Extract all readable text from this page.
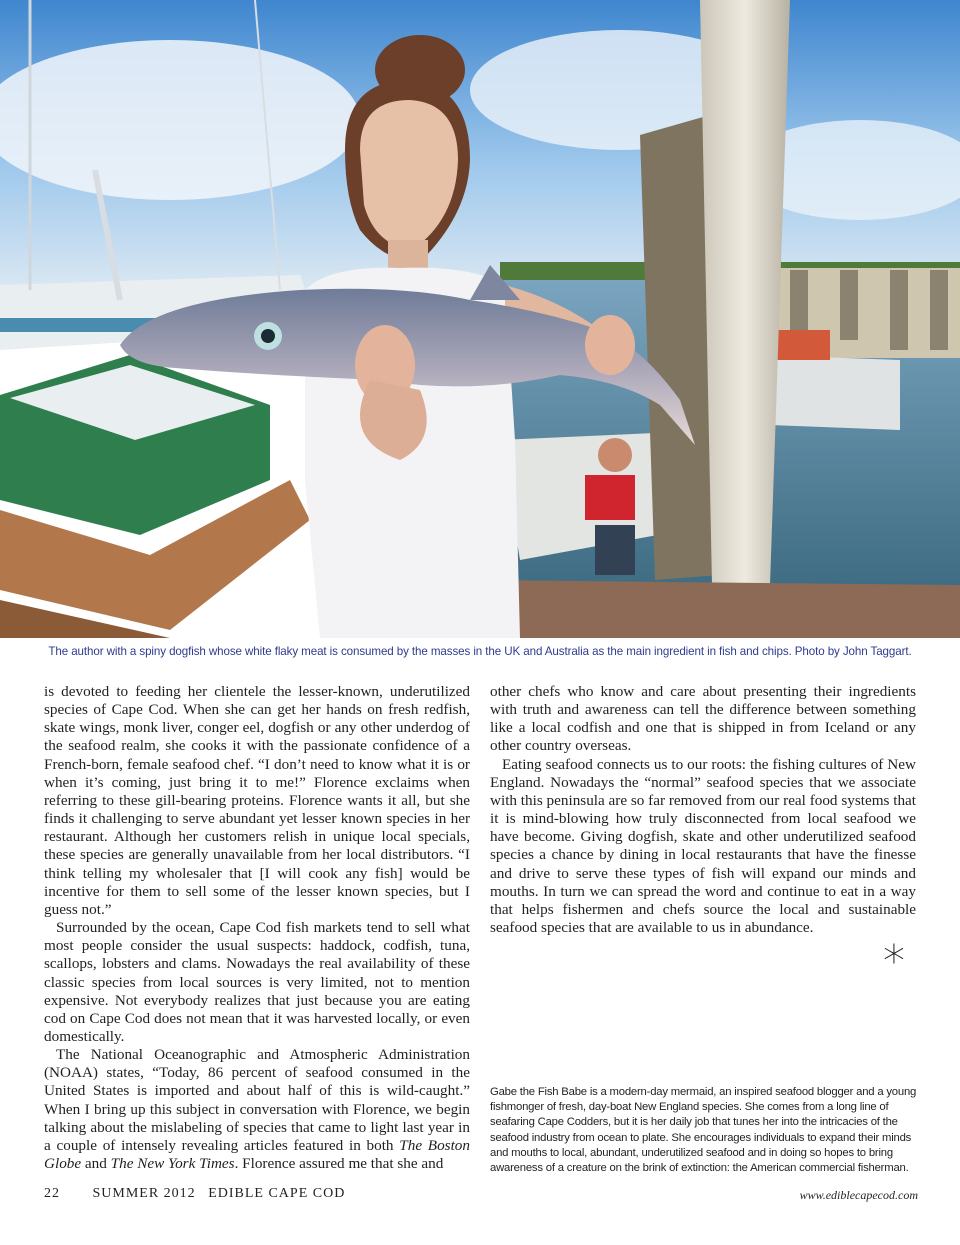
The author with a spiny dogfish whose white flaky meat is consumed by the masses in the UK and Australia as the main ingredient in fish and chips. Photo by John Taggart.

is devoted to feeding her clientele the lesser-known, underutilized species of Cape Cod. When she can get her hands on fresh redfish, skate wings, monk liver, conger eel, dogfish or any other underdog of the seafood realm, she cooks it with the passionate confidence of a French-born, female seafood chef. “I don’t need to know what it is or when it’s coming, just bring it to me!” Florence exclaims when referring to these gill-bearing proteins. Florence wants it all, but she finds it challenging to serve abundant yet lesser known species in her restaurant. Although her customers relish in unique local specials, these species are generally unavailable from her local distributors. “I think telling my wholesaler that [I will cook any fish] would be incentive for them to sell some of the lesser known species, but I guess not.”

Surrounded by the ocean, Cape Cod fish markets tend to sell what most people consider the usual suspects: haddock, codfish, tuna, scallops, lobsters and clams. Nowadays the real availability of these classic species from local sources is very limited, not to mention expensive. Not everybody realizes that just because you are eating cod on Cape Cod does not mean that it was harvested locally, or even domestically.

The National Oceanographic and Atmospheric Administration (NOAA) states, “Today, 86 percent of seafood consumed in the United States is imported and about half of this is wild-caught.” When I bring up this subject in conversation with Florence, we begin talking about the mislabeling of species that came to light last year in a couple of intensely revealing articles featured in both The Boston Globe and The New York Times. Florence assured me that she and

other chefs who know and care about presenting their ingredients with truth and awareness can tell the difference between something like a local codfish and one that is shipped in from Iceland or any other country overseas.

Eating seafood connects us to our roots: the fishing cultures of New England. Nowadays the “normal” seafood species that we associate with this peninsula are so far removed from our real food systems that it is mind-blowing how truly disconnected from local seafood we have become. Giving dogfish, skate and other underutilized seafood species a chance by dining in local restaurants that have the finesse and drive to serve these types of fish will expand our minds and mouths. In turn we can spread the word and continue to eat in a way that helps fishermen and chefs source the local and sustainable seafood species that are available to us in abundance.

*
Gabe the Fish Babe is a modern-day mermaid, an inspired seafood blogger and a young fishmonger of fresh, day-boat New England species. She comes from a long line of seafaring Cape Codders, but it is her daily job that tunes her into the intricacies of the seafood industry from ocean to plate. She encourages individuals to expand their minds and mouths to local, abundant, underutilized seafood and in doing so hopes to bring awareness of a creature on the brink of extinction: the American commercial fisherman.
22 SUMMER 2012 EDIBLE CAPE COD	www.ediblecapecod.com
